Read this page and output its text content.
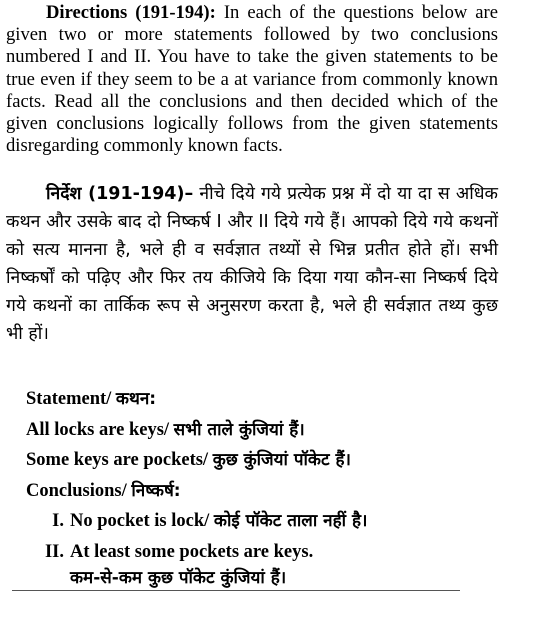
Directions (191-194): In each of the questions below are given two or more statements followed by two conclusions numbered I and II. You have to take the given statements to be true even if they seem to be a at variance from commonly known facts. Read all the conclusions and then decided which of the given conclusions logically follows from the given statements disregarding commonly known facts.

निर्देश (191-194)– नीचे दिये गये प्रत्येक प्रश्न में दो या दा स अधिक कथन और उसके बाद दो निष्कर्ष I और II दिये गये हैं। आपको दिये गये कथनों को सत्य मानना है, भले ही व सर्वज्ञात तथ्यों से भिन्न प्रतीत होते हों। सभी निष्कर्षों को पढ़िए और फिर तय कीजिये कि दिया गया कौन-सा निष्कर्ष दिये गये कथनों का तार्किक रूप से अनुसरण करता है, भले ही सर्वज्ञात तथ्य कुछ भी हों।

Statement/ कथन:
All locks are keys/ सभी ताले कुंजियां हैं।
Some keys are pockets/ कुछ कुंजियां पॉकेट हैं।
Conclusions/ निष्कर्ष:
I. No pocket is lock/ कोई पॉकेट ताला नहीं है।
II. At least some pockets are keys.
कम-से-कम कुछ पॉकेट कुंजियां हैं।
